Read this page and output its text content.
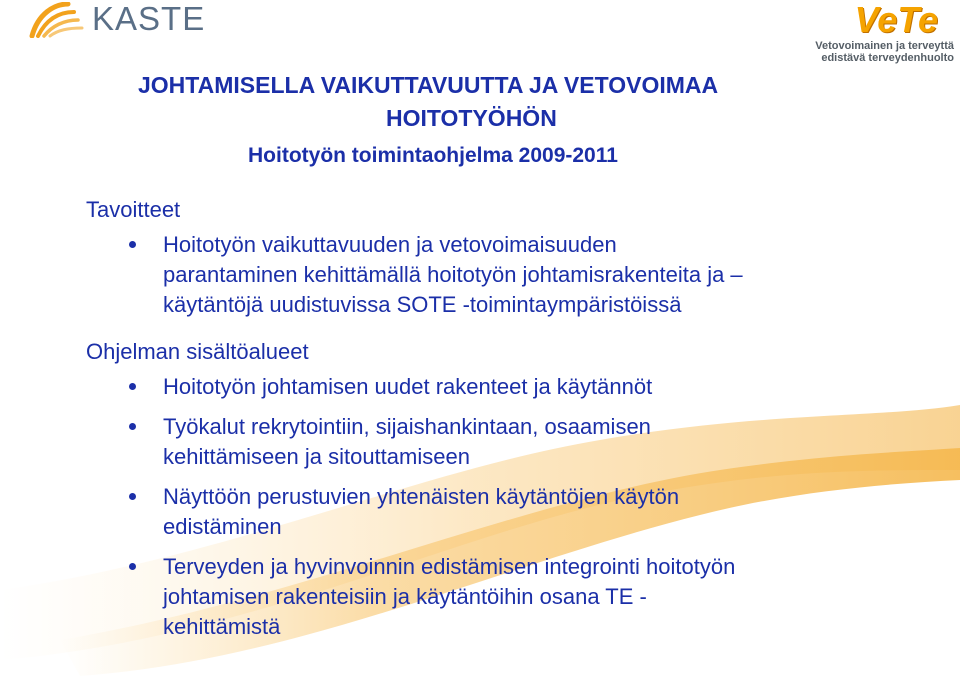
KASTE	VeTe
Vetovoimainen ja terveyttä
edistävä terveydenhuolto
JOHTAMISELLA VAIKUTTAVUUTTA JA VETOVOIMAA
HOITOTYÖHÖN
Hoitotyön toimintaohjelma 2009-2011
Tavoitteet
Hoitotyön vaikuttavuuden ja vetovoimaisuuden
parantaminen kehittämällä hoitotyön johtamisrakenteita ja –
käytäntöjä uudistuvissa SOTE -toimintaympäristöissä
Ohjelman sisältöalueet
Hoitotyön johtamisen uudet rakenteet ja käytännöt
Työkalut rekrytointiin, sijaishankintaan, osaamisen
kehittämiseen ja sitouttamiseen
Näyttöön perustuvien yhtenäisten käytäntöjen käytön
edistäminen
Terveyden ja hyvinvoinnin edistämisen integrointi hoitotyön
johtamisen rakenteisiin ja käytäntöihin osana TE -
kehittämistä
